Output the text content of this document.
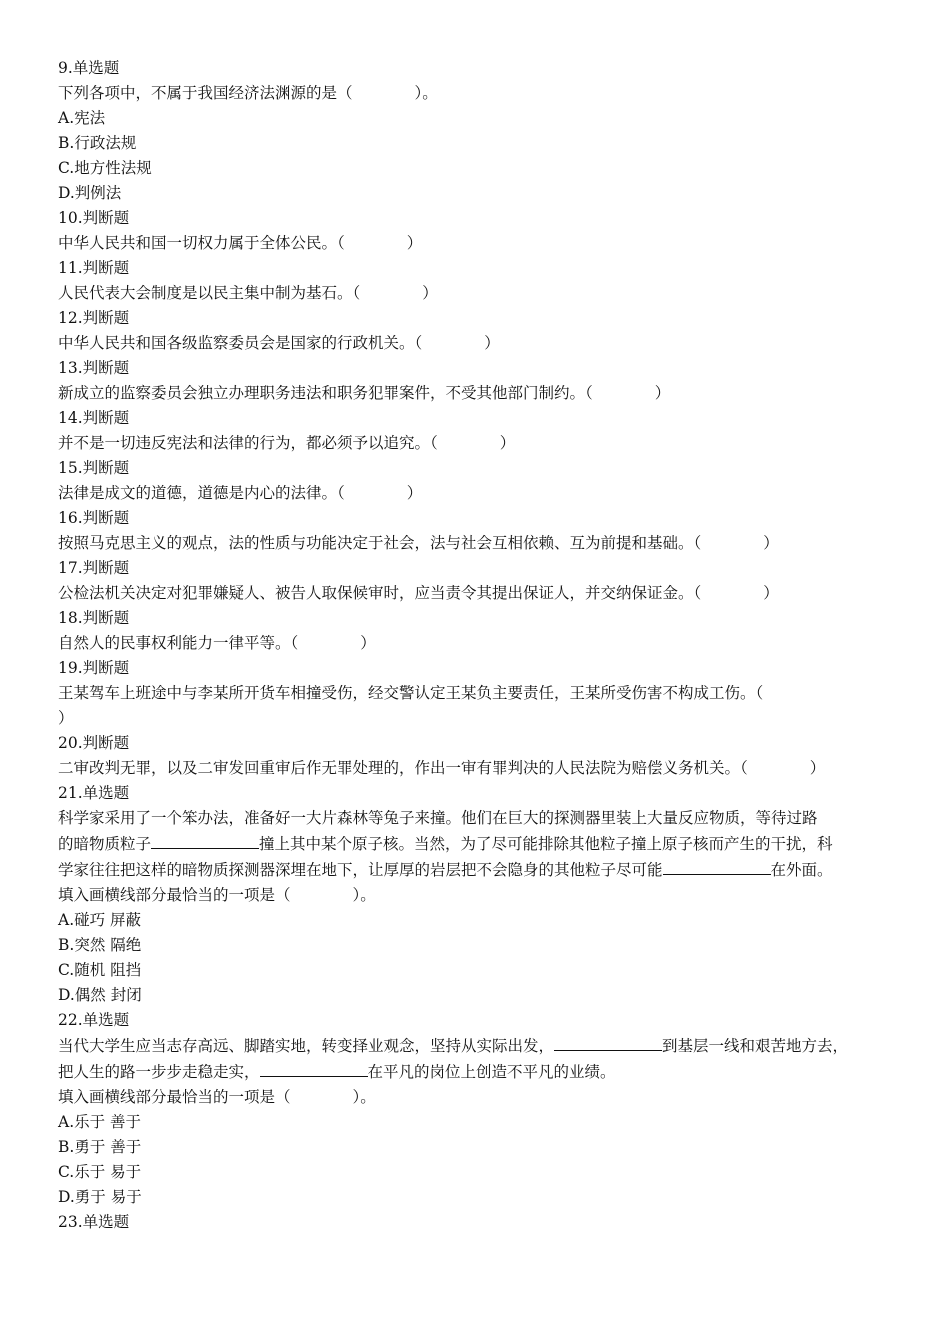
9.单选题
下列各项中，不属于我国经济法渊源的是（　　　　）。
A.宪法
B.行政法规
C.地方性法规
D.判例法
10.判断题
中华人民共和国一切权力属于全体公民。（　　　　）
11.判断题
人民代表大会制度是以民主集中制为基石。（　　　　）
12.判断题
中华人民共和国各级监察委员会是国家的行政机关。（　　　　）
13.判断题
新成立的监察委员会独立办理职务违法和职务犯罪案件，不受其他部门制约。（　　　　）
14.判断题
并不是一切违反宪法和法律的行为，都必须予以追究。（　　　　）
15.判断题
法律是成文的道德，道德是内心的法律。（　　　　）
16.判断题
按照马克思主义的观点，法的性质与功能决定于社会，法与社会互相依赖、互为前提和基础。（　　　　）
17.判断题
公检法机关决定对犯罪嫌疑人、被告人取保候审时，应当责令其提出保证人，并交纳保证金。（　　　　）
18.判断题
自然人的民事权利能力一律平等。（　　　　）
19.判断题
王某驾车上班途中与李某所开货车相撞受伤，经交警认定王某负主要责任，王某所受伤害不构成工伤。（
）
20.判断题
二审改判无罪，以及二审发回重审后作无罪处理的，作出一审有罪判决的人民法院为赔偿义务机关。（　　　　）
21.单选题
科学家采用了一个笨办法，准备好一大片森林等兔子来撞。他们在巨大的探测器里装上大量反应物质，等待过路
的暗物质粒子	撞上其中某个原子核。当然，为了尽可能排除其他粒子撞上原子核而产生的干扰，科
学家往往把这样的暗物质探测器深埋在地下，让厚厚的岩层把不会隐身的其他粒子尽可能	在外面。
填入画横线部分最恰当的一项是（　　　　）。
A.碰巧 屏蔽
B.突然 隔绝
C.随机 阻挡
D.偶然 封闭
22.单选题
当代大学生应当志存高远、脚踏实地，转变择业观念，坚持从实际出发，	到基层一线和艰苦地方去，
把人生的路一步步走稳走实，	在平凡的岗位上创造不平凡的业绩。
填入画横线部分最恰当的一项是（　　　　）。
A.乐于 善于
B.勇于 善于
C.乐于 易于
D.勇于 易于
23.单选题
